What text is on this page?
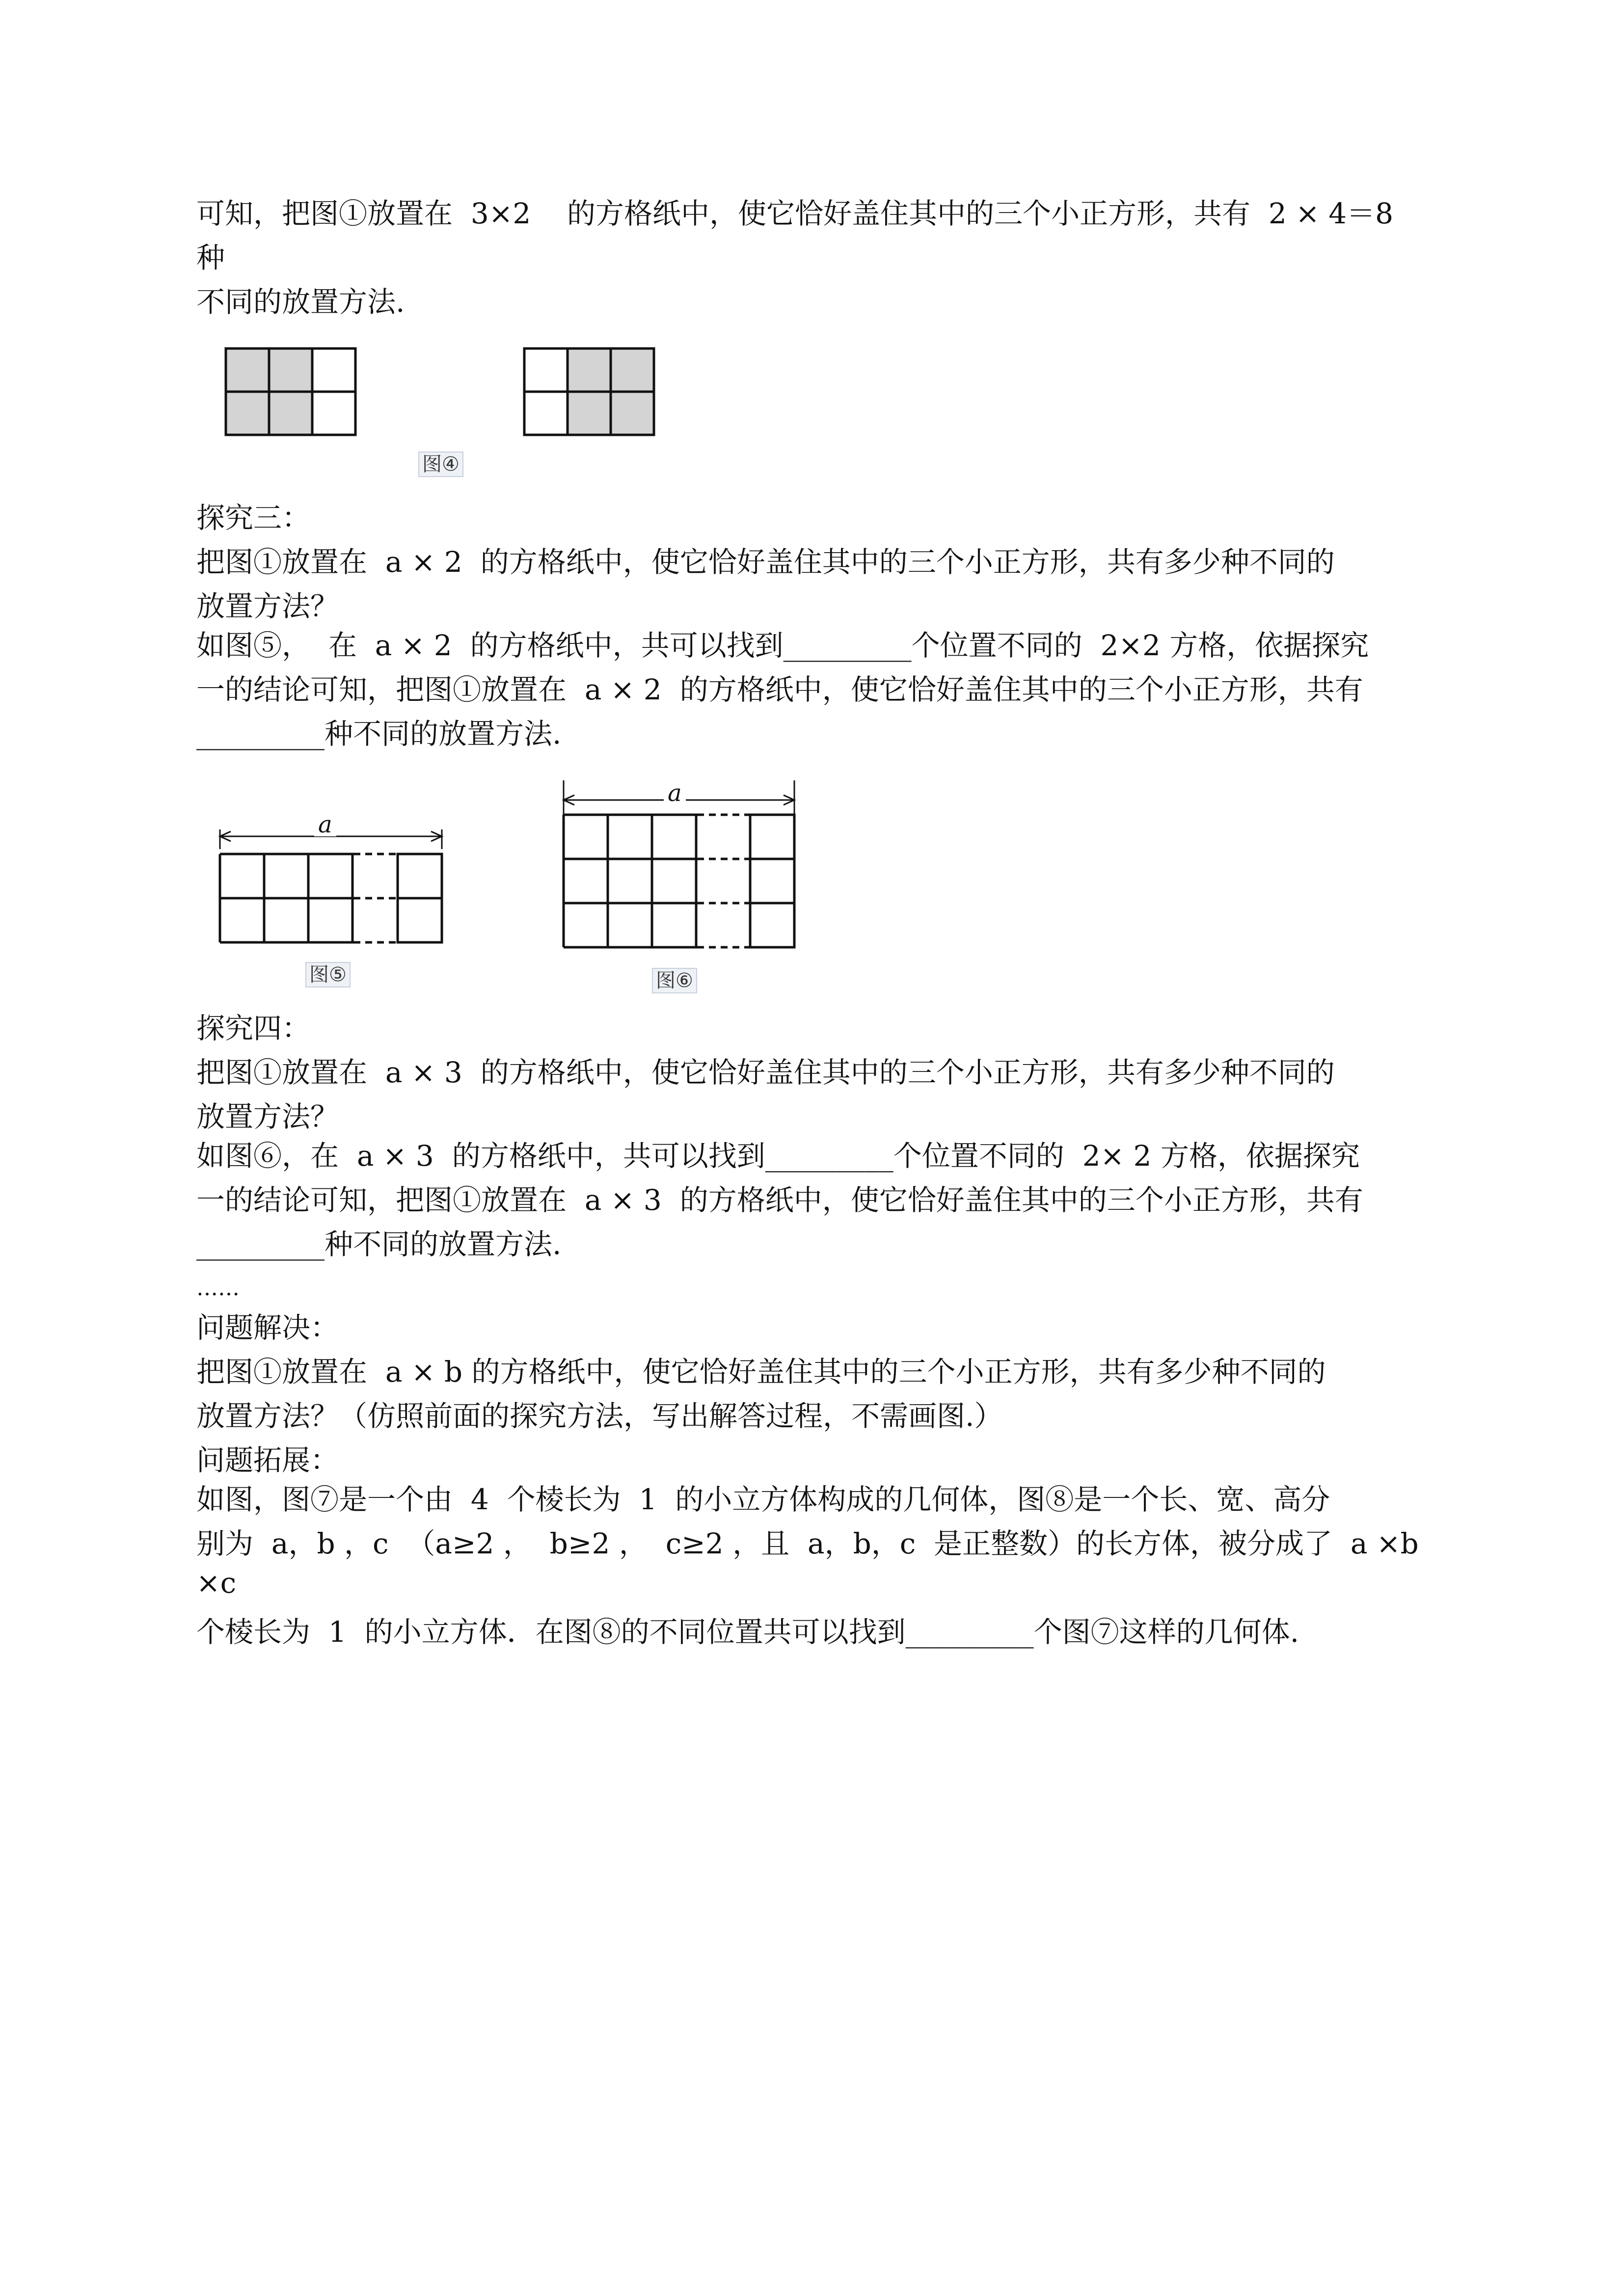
可知，把图①放置在  3×2    的方格纸中，使它恰好盖住其中的三个小正方形，共有  2 × 4＝8
种
不同的放置方法.
图④
探究三：
把图①放置在  a × 2  的方格纸中，使它恰好盖住其中的三个小正方形，共有多少种不同的
放置方法？
如图⑤，  在  a × 2  的方格纸中，共可以找到_________个位置不同的  2×2 方格，依据探究
一的结论可知，把图①放置在  a × 2  的方格纸中，使它恰好盖住其中的三个小正方形，共有
_________种不同的放置方法.
a
图⑤
a
图⑥
探究四：
把图①放置在  a × 3  的方格纸中，使它恰好盖住其中的三个小正方形，共有多少种不同的
放置方法？
如图⑥，在  a × 3  的方格纸中，共可以找到_________个位置不同的  2× 2 方格，依据探究
一的结论可知，把图①放置在  a × 3  的方格纸中，使它恰好盖住其中的三个小正方形，共有
_________种不同的放置方法.
……
问题解决：
把图①放置在  a × b 的方格纸中，使它恰好盖住其中的三个小正方形，共有多少种不同的
放置方法？（仿照前面的探究方法，写出解答过程，不需画图.）
问题拓展：
如图，图⑦是一个由  4  个棱长为  1  的小立方体构成的几何体，图⑧是一个长、宽、高分
别为  a，b ，c  （a≥2 ，  b≥2 ，  c≥2 ，且  a，b，c  是正整数）的长方体，被分成了  a ×b
×c
个棱长为  1  的小立方体．在图⑧的不同位置共可以找到_________个图⑦这样的几何体.
